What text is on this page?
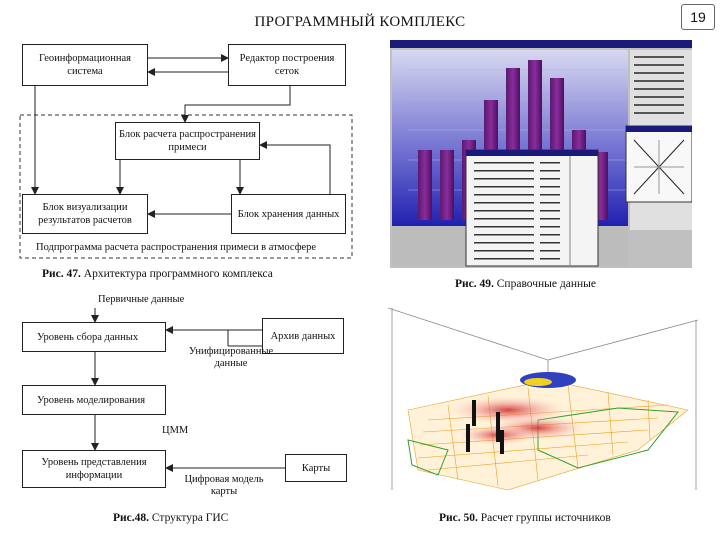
ПРОГРАММНЫЙ КОМПЛЕКС	19
Геоинформационная система
Редактор построения сеток
Блок расчета распространения примеси
Блок визуализации результатов расчетов
Блок хранения данных
Подпрограмма расчета распространения примеси в атмосфере
Рис. 47. Архитектура программного комплекса
Первичные данные
Уровень сбора данных	Архив данных
Унифицированные данные
Уровень моделирования
ЦММ
Уровень представления информации
Карты
Цифровая модель карты
Рис.48. Структура ГИС
Рис. 49. Справочные данные
Рис. 50. Расчет группы источников
